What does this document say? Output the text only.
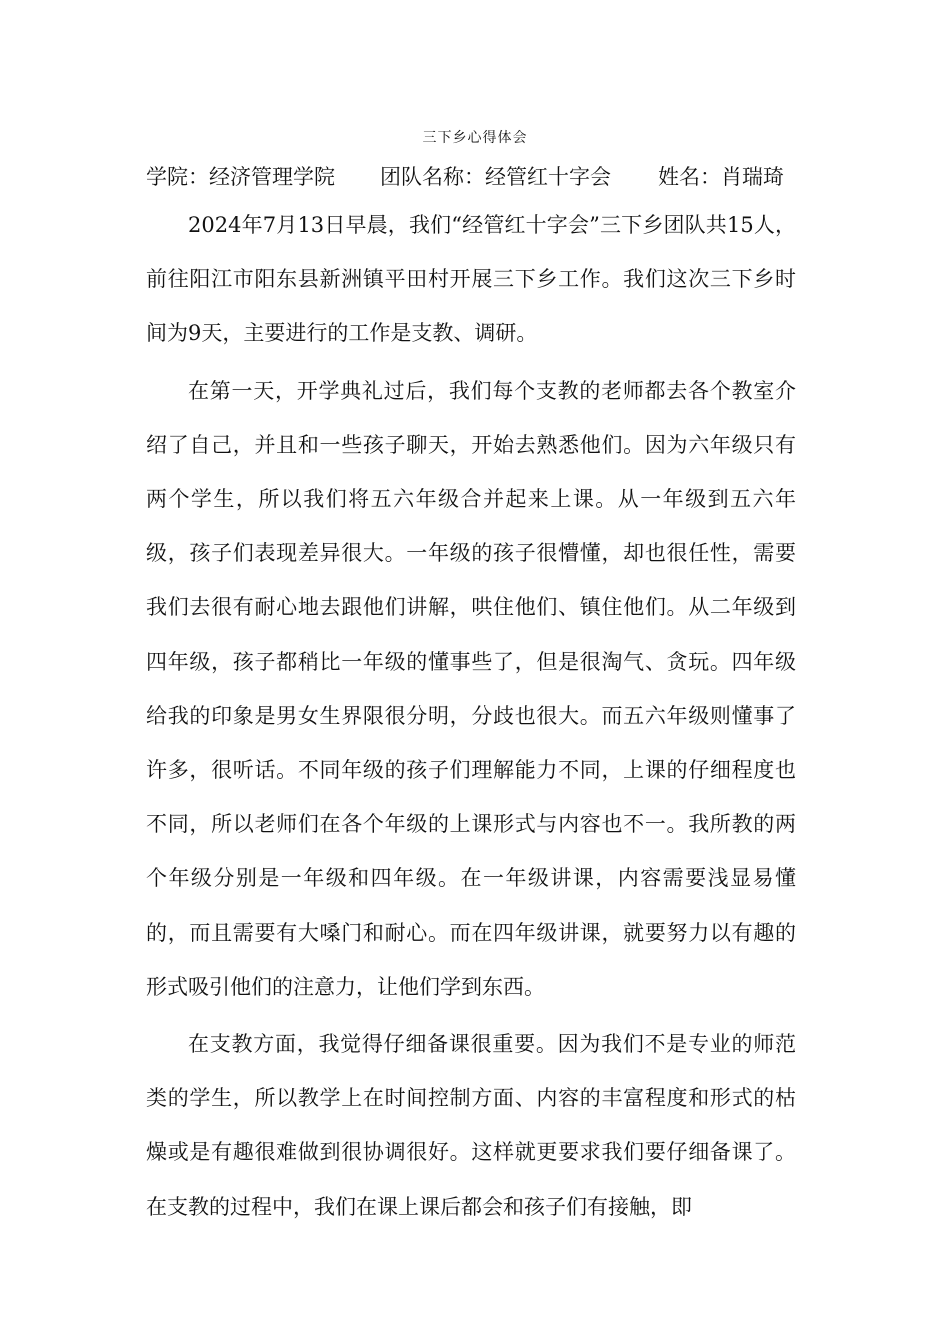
三下乡心得体会
学院：经济管理学院 团队名称：经管红十字会 姓名：肖瑞琦

2024年7月13日早晨，我们“经管红十字会”三下乡团队共15人，前往阳江市阳东县新洲镇平田村开展三下乡工作。我们这次三下乡时间为9天，主要进行的工作是支教、调研。

在第一天，开学典礼过后，我们每个支教的老师都去各个教室介绍了自己，并且和一些孩子聊天，开始去熟悉他们。因为六年级只有两个学生，所以我们将五六年级合并起来上课。从一年级到五六年级，孩子们表现差异很大。一年级的孩子很懵懂，却也很任性，需要我们去很有耐心地去跟他们讲解，哄住他们、镇住他们。从二年级到四年级，孩子都稍比一年级的懂事些了，但是很淘气、贪玩。四年级给我的印象是男女生界限很分明，分歧也很大。而五六年级则懂事了许多，很听话。不同年级的孩子们理解能力不同，上课的仔细程度也不同，所以老师们在各个年级的上课形式与内容也不一。我所教的两个年级分别是一年级和四年级。在一年级讲课，内容需要浅显易懂的，而且需要有大嗓门和耐心。而在四年级讲课，就要努力以有趣的形式吸引他们的注意力，让他们学到东西。

在支教方面，我觉得仔细备课很重要。因为我们不是专业的师范类的学生，所以教学上在时间控制方面、内容的丰富程度和形式的枯燥或是有趣很难做到很协调很好。这样就更要求我们要仔细备课了。在支教的过程中，我们在课上课后都会和孩子们有接触，即
